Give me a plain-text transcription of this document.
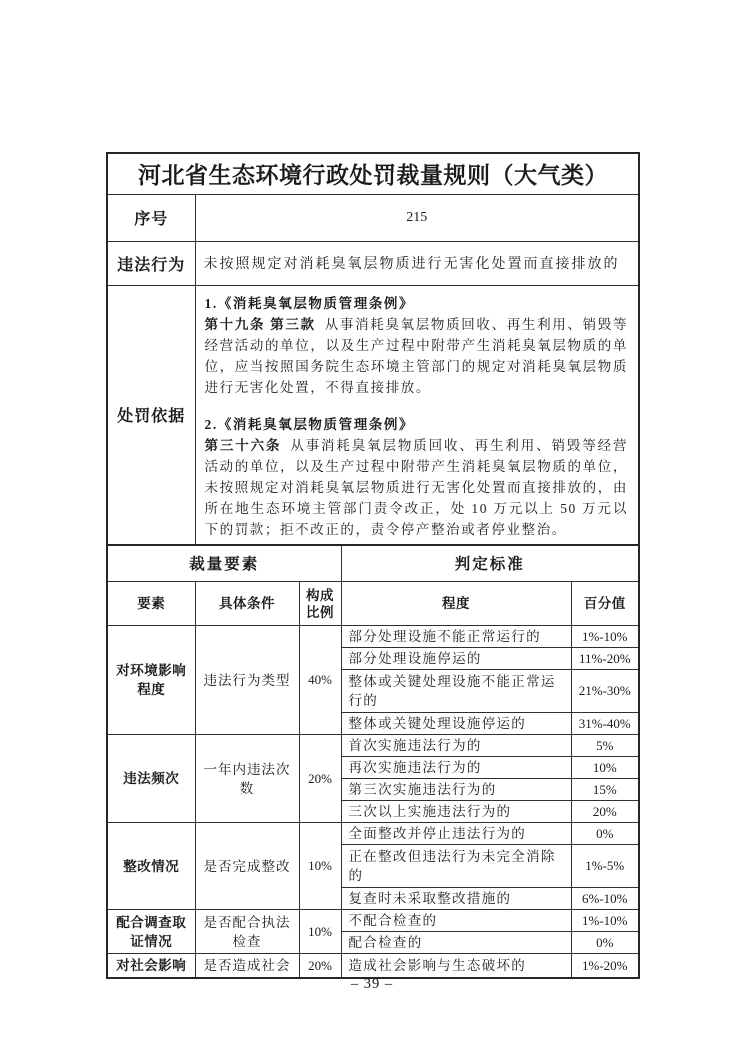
河北省生态环境行政处罚裁量规则（大气类）				
序号	215			
违法行为	未按照规定对消耗臭氧层物质进行无害化处置而直接排放的			
处罚依据	1.《消耗臭氧层物质管理条例》
第十九条 第三款 从事消耗臭氧层物质回收、再生利用、销毁等经营活动的单位，以及生产过程中附带产生消耗臭氧层物质的单位，应当按照国务院生态环境主管部门的规定对消耗臭氧层物质进行无害化处置，不得直接排放。
2.《消耗臭氧层物质管理条例》
第三十六条 从事消耗臭氧层物质回收、再生利用、销毁等经营活动的单位，以及生产过程中附带产生消耗臭氧层物质的单位，未按照规定对消耗臭氧层物质进行无害化处置而直接排放的，由所在地生态环境主管部门责令改正，处 10 万元以上 50 万元以下的罚款；拒不改正的，责令停产整治或者停业整治。			

裁量要素			判定标准	
要素	具体条件	构成比例	程度	百分值
对环境影响程度	违法行为类型	40%	部分处理设施不能正常运行的	1%-10%
			部分处理设施停运的	11%-20%
			整体或关键处理设施不能正常运行的	21%-30%
			整体或关键处理设施停运的	31%-40%
违法频次	一年内违法次数	20%	首次实施违法行为的	5%
			再次实施违法行为的	10%
			第三次实施违法行为的	15%
			三次以上实施违法行为的	20%
整改情况	是否完成整改	10%	全面整改并停止违法行为的	0%
			正在整改但违法行为未完全消除的	1%-5%
			复查时未采取整改措施的	6%-10%
配合调查取证情况	是否配合执法检查	10%	不配合检查的	1%-10%
			配合检查的	0%
对社会影响	是否造成社会	20%	造成社会影响与生态破坏的	1%-20%
– 39 –
